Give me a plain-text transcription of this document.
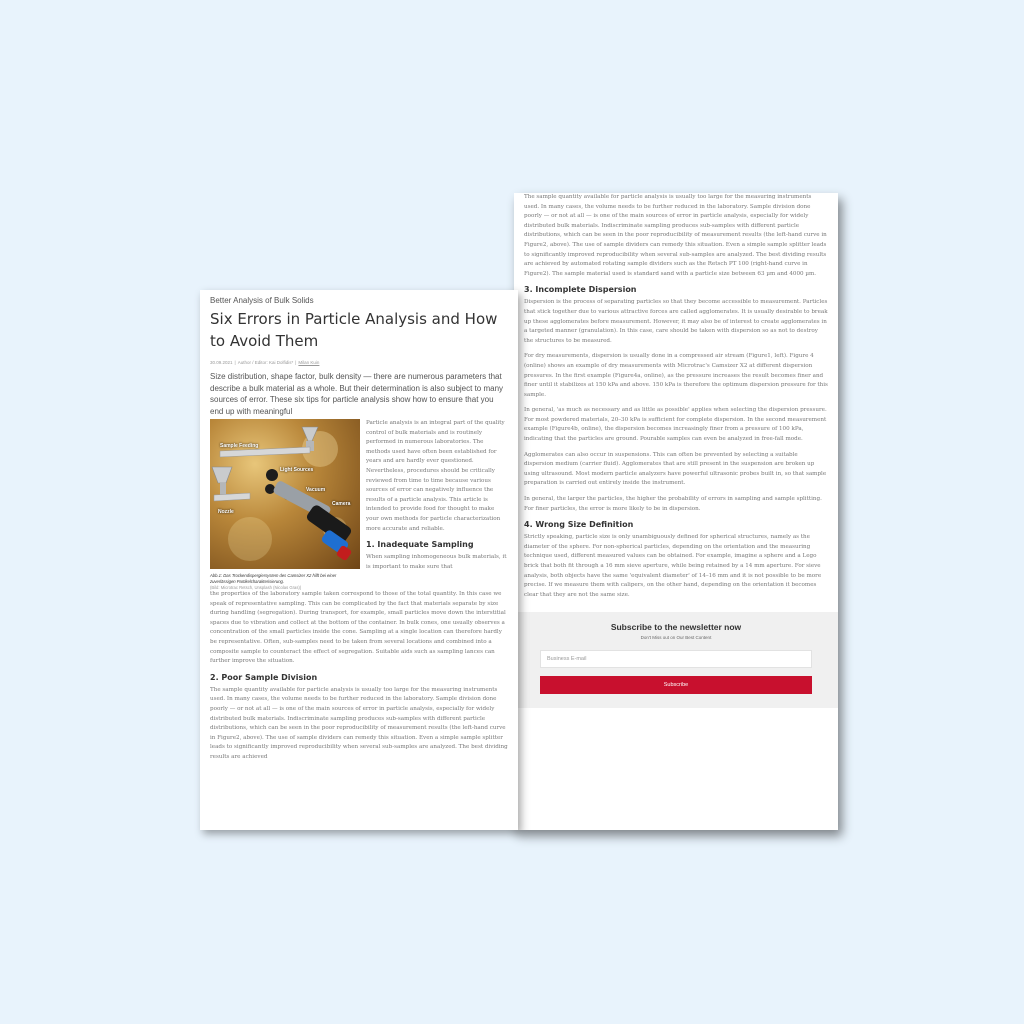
The sample quantity available for particle analysis is usually too large for the measuring instruments used. In many cases, the volume needs to be further reduced in the laboratory. Sample division done poorly — or not at all — is one of the main sources of error in particle analysis, especially for widely distributed bulk materials. Indiscriminate sampling produces sub-samples with different particle distributions, which can be seen in the poor reproducibility of measurement results (the left-hand curve in Figure2, above). The use of sample dividers can remedy this situation. Even a simple sample splitter leads to significantly improved reproducibility when several sub-samples are analyzed. The best dividing results are achieved by automated rotating sample dividers such as the Retsch PT 100 (right-hand curve in Figure2). The sample material used is standard sand with a particle size between 63 µm and 4000 µm.

3. Incomplete Dispersion

Dispersion is the process of separating particles so that they become accessible to measurement. Particles that stick together due to various attractive forces are called agglomerates. It is usually desirable to break up these agglomerates before measurement. However, it may also be of interest to create agglomerates in a targeted manner (granulation). In this case, care should be taken with dispersion so as not to destroy the structures to be measured.

For dry measurements, dispersion is usually done in a compressed air stream (Figure1, left). Figure 4 (online) shows an example of dry measurements with Microtrac's Camsizer X2 at different dispersion pressures. In the first example (Figure4a, online), as the pressure increases the result becomes finer and finer until it stabilizes at 150 kPa and above. 150 kPa is therefore the optimum dispersion pressure for this sample.

In general, 'as much as necessary and as little as possible' applies when selecting the dispersion pressure. For most powdered materials, 20–30 kPa is sufficient for complete dispersion. In the second measurement example (Figure4b, online), the dispersion becomes increasingly finer from a pressure of 100 kPa, indicating that the particles are ground. Pourable samples can even be analyzed in free-fall mode.

Agglomerates can also occur in suspensions. This can often be prevented by selecting a suitable dispersion medium (carrier fluid). Agglomerates that are still present in the suspension are broken up using ultrasound. Most modern particle analyzers have powerful ultrasonic probes built in, so that sample preparation is carried out entirely inside the instrument.

In general, the larger the particles, the higher the probability of errors in sampling and sample splitting. For finer particles, the error is more likely to be in dispersion.

4. Wrong Size Definition

Strictly speaking, particle size is only unambiguously defined for spherical structures, namely as the diameter of the sphere. For non-spherical particles, depending on the orientation and the measuring technique used, different measured values can be obtained. For example, imagine a sphere and a Lego brick that both fit through a 16 mm sieve aperture, while being retained by a 14 mm aperture. For sieve analysis, both objects have the same 'equivalent diameter' of 14–16 mm and it is not possible to be more precise. If we measure them with calipers, on the other hand, depending on the orientation it becomes clear that they are not the same size.

Subscribe to the newsletter now
Don't Miss out on Our Best Content
Business E-mail
Subscribe
Better Analysis of Bulk Solids
Six Errors in Particle Analysis and How to Avoid Them
30.09.2021 | Author / Editor: Kai Dolfidis* | Milan Kuin

Size distribution, shape factor, bulk density — there are numerous parameters that describe a bulk material as a whole. But their determination is also subject to many sources of error. These six tips for particle analysis show how to ensure that you end up with meaningful

Sample Feeding
Light Sources
Vacuum
Camera
Nozzle

Abb.1: Das Trockendispergiersystem des Camsizer X2 hilft bei einer zuverlässigen Partikelcharakterisierung.

(Bild: Microtrac Retsch, Unsplash (Nicolas Gras))

Particle analysis is an integral part of the quality control of bulk materials and is routinely performed in numerous laboratories. The methods used have often been established for years and are hardly ever questioned. Nevertheless, procedures should be critically reviewed from time to time because various sources of error can negatively influence the results of a particle analysis. This article is intended to provide food for thought to make your own methods for particle characterization more accurate and reliable.

1. Inadequate Sampling

When sampling inhomogeneous bulk materials, it is important to make sure that

the properties of the laboratory sample taken correspond to those of the total quantity. In this case we speak of representative sampling. This can be complicated by the fact that materials separate by size during handling (segregation). During transport, for example, small particles move down the interstitial spaces due to vibration and collect at the bottom of the container. In bulk cones, one usually observes a concentration of the small particles inside the cone. Sampling at a single location can therefore hardly be representative. Often, sub-samples need to be taken from several locations and combined into a composite sample to counteract the effect of segregation. Suitable aids such as sampling lances can further improve the situation.

2. Poor Sample Division

The sample quantity available for particle analysis is usually too large for the measuring instruments used. In many cases, the volume needs to be further reduced in the laboratory. Sample division done poorly — or not at all — is one of the main sources of error in particle analysis, especially for widely distributed bulk materials. Indiscriminate sampling produces sub-samples with different particle distributions, which can be seen in the poor reproducibility of measurement results (the left-hand curve in Figure2, above). The use of sample dividers can remedy this situation. Even a simple sample splitter leads to significantly improved reproducibility when several sub-samples are analyzed. The best dividing results are achieved
